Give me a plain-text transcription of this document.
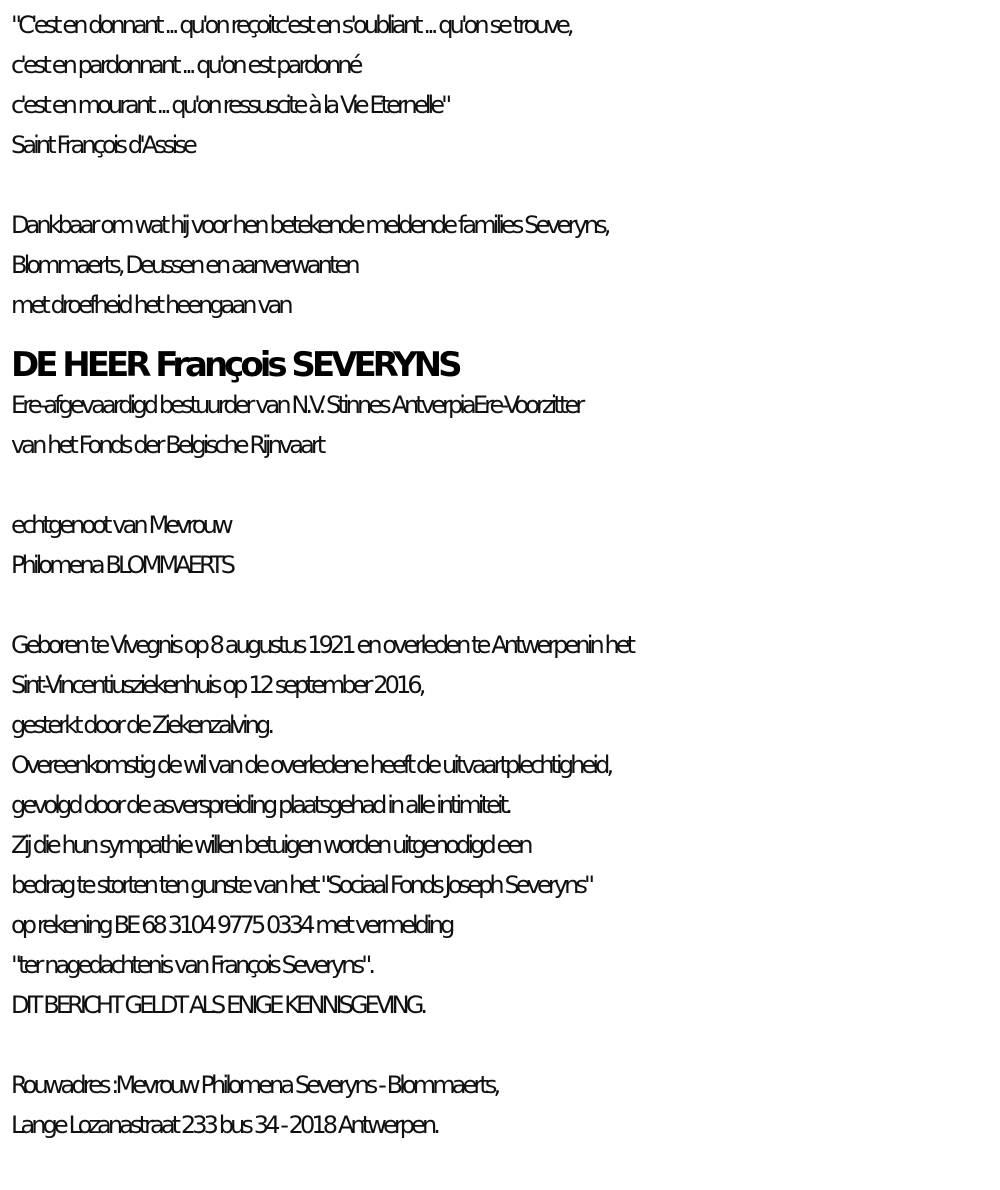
"C'est en donnant ... qu'on reçoitc'est en s'oubliant ... qu'on se trouve,
c'est en pardonnant ... qu'on est pardonné
c'est en mourant ... qu'on ressuscite à la Vie Eternelle"
Saint François d'Assise
Dankbaar om wat hij voor hen betekende meldende families Severyns,
Blommaerts, Deussen en aanverwanten
met droefheid het heengaan van
DE HEER François SEVERYNS
Ere-afgevaardigd bestuurder van N.V. Stinnes AntverpiaEre-Voorzitter
van het Fonds der Belgische Rijnvaart
echtgenoot van Mevrouw
Philomena BLOMMAERTS
Geboren te Vivegnis op 8 augustus 1921 en overleden te Antwerpenin het
Sint-Vincentiusziekenhuis op 12 september 2016,
gesterkt door de Ziekenzalving.
Overeenkomstig de wil van de overledene heeft de uitvaartplechtigheid,
gevolgd door de asverspreiding plaatsgehad in alle intimiteit.
Zij die hun sympathie willen betuigen worden uitgenodigd een
bedrag te storten ten gunste van het "Sociaal Fonds Joseph Severyns"
op rekening BE 68 3104 9775 0334 met vermelding
"ter nagedachtenis van François Severyns".
DIT BERICHT GELDT ALS ENIGE KENNISGEVING.
Rouwadres :Mevrouw Philomena Severyns - Blommaerts,
Lange Lozanastraat 233 bus 34 - 2018 Antwerpen.
